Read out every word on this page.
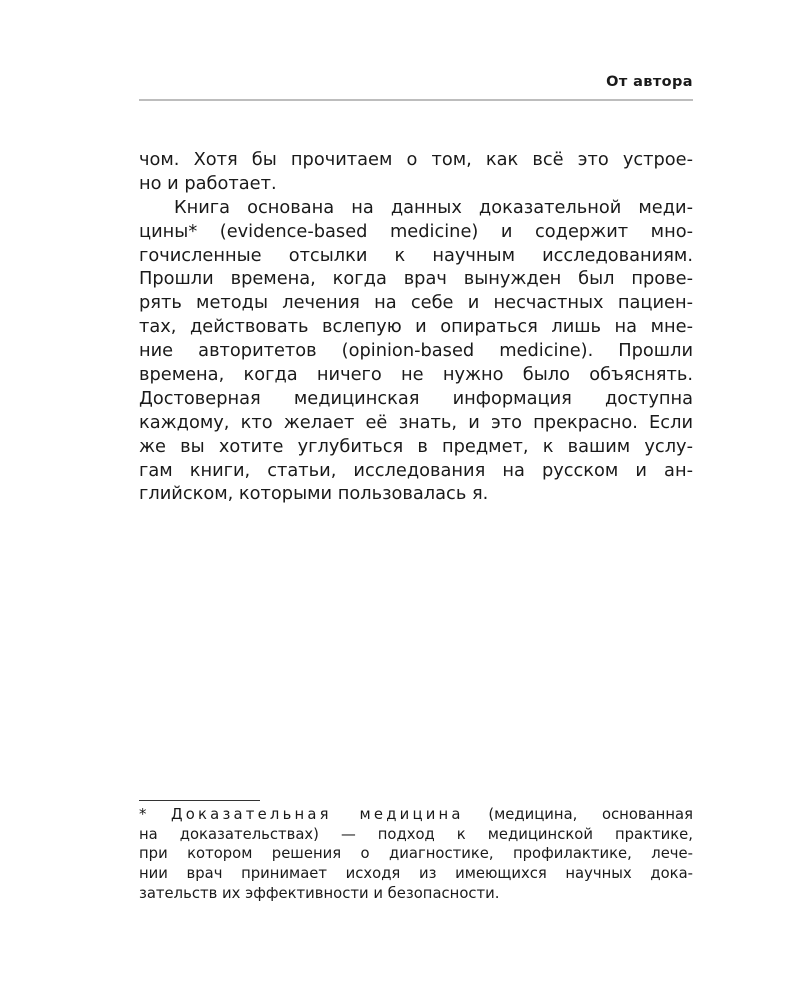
От автора
чом. Хотя бы прочитаем о том, как всё это устрое-
но и работает.
Книга основана на данных доказательной меди-
цины* (evidence-based medicine) и содержит мно-
гочисленные отсылки к научным исследованиям.
Прошли времена, когда врач вынужден был прове-
рять методы лечения на себе и несчастных пациен-
тах, действовать вслепую и опираться лишь на мне-
ние авторитетов (opinion-based medicine). Прошли
времена, когда ничего не нужно было объяснять.
Достоверная медицинская информация доступна
каждому, кто желает её знать, и это прекрасно. Если
же вы хотите углубиться в предмет, к вашим услу-
гам книги, статьи, исследования на русском и ан-
глийском, которыми пользовалась я.
* Доказательная медицина (медицина, основанная
на доказательствах) — подход к медицинской практике,
при котором решения о диагностике, профилактике, лече-
нии врач принимает исходя из имеющихся научных дока-
зательств их эффективности и безопасности.
